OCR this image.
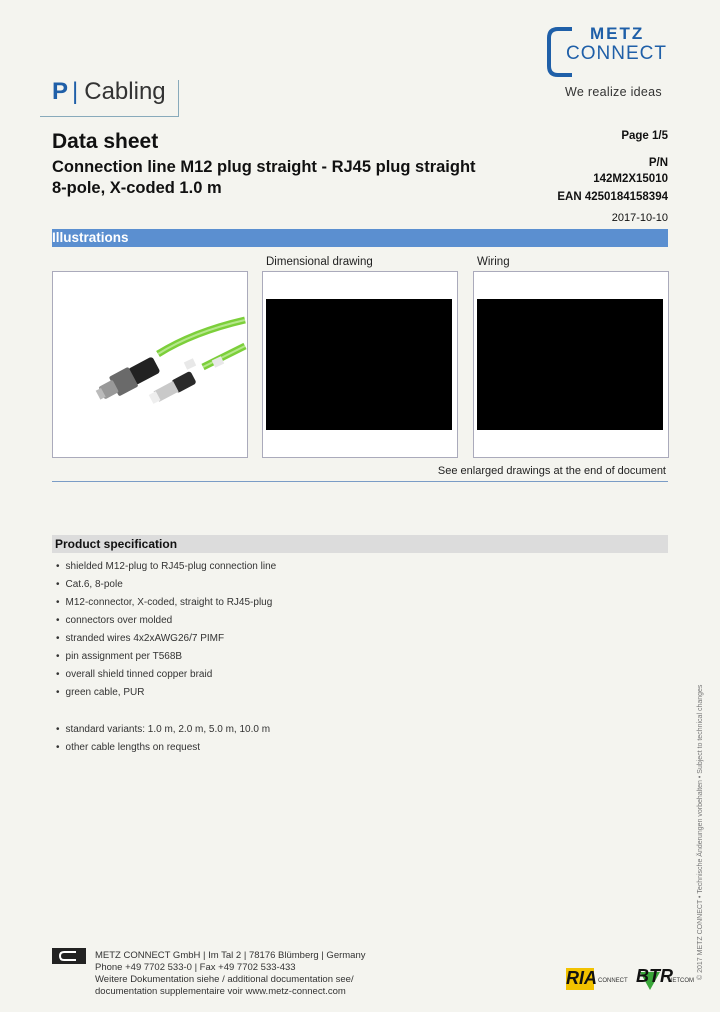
P | Cabling
METZ
CONNECT
We realize ideas
Data sheet
Connection line M12 plug straight - RJ45 plug straight
8-pole, X-coded 1.0 m
Page 1/5
P/N
142M2X15010
EAN 4250184158394
2017-10-10
Illustrations
Dimensional drawing	Wiring
See enlarged drawings at the end of document
Product specification
• shielded M12-plug to RJ45-plug connection line
• Cat.6, 8-pole
• M12-connector, X-coded, straight to RJ45-plug
• connectors over molded
• stranded wires 4x2xAWG26/7 PIMF
• pin assignment per T568B
• overall shield tinned copper braid
• green cable, PUR
• standard variants: 1.0 m, 2.0 m, 5.0 m, 10.0 m
• other cable lengths on request	© 2017 METZ CONNECT • Technische Änderungen vorbehalten • Subject to technical changes
METZ CONNECT GmbH | Im Tal 2 | 78176 Blümberg | Germany
Phone +49 7702 533-0 | Fax +49 7702 533-433
Weitere Dokumentation siehe / additional documentation see/
documentation supplementaire voir www.metz-connect.com
RIA CONNECT BTR
NETCOM
